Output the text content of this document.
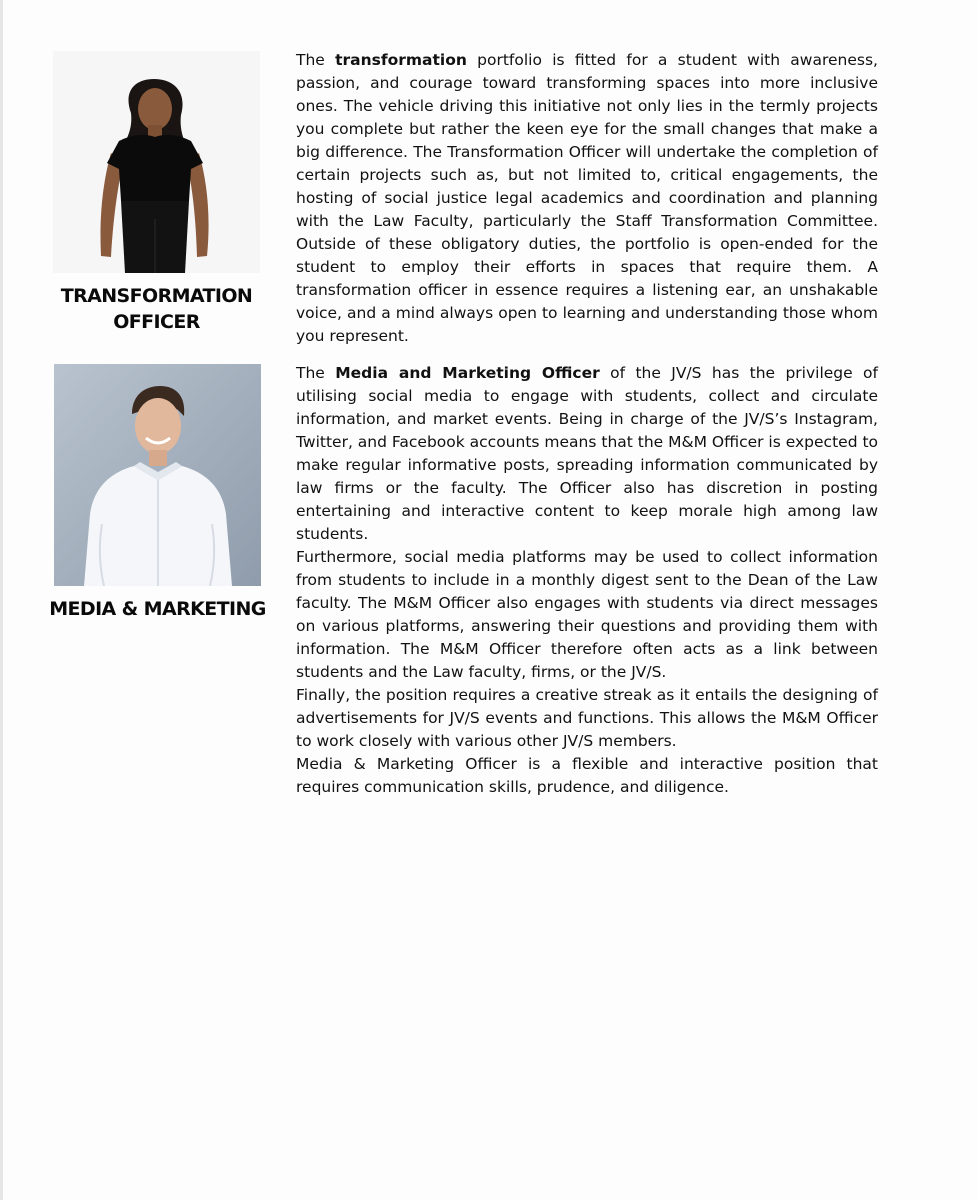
TRANSFORMATION
OFFICER

The transformation portfolio is fitted for a student with awareness, passion, and courage toward transforming spaces into more inclusive ones. The vehicle driving this initiative not only lies in the termly projects you complete but rather the keen eye for the small changes that make a big difference. The Transformation Officer will undertake the completion of certain projects such as, but not limited to, critical engagements, the hosting of social justice legal academics and coordination and planning with the Law Faculty, particularly the Staff Transformation Committee. Outside of these obligatory duties, the portfolio is open-ended for the student to employ their efforts in spaces that require them. A transformation officer in essence requires a listening ear, an unshakable voice, and a mind always open to learning and understanding those whom you represent.

MEDIA & MARKETING

The Media and Marketing Officer of the JV/S has the privilege of utilising social media to engage with students, collect and circulate information, and market events. Being in charge of the JV/S’s Instagram, Twitter, and Facebook accounts means that the M&M Officer is expected to make regular informative posts, spreading information communicated by law firms or the faculty. The Officer also has discretion in posting entertaining and interactive content to keep morale high among law students.

Furthermore, social media platforms may be used to collect information from students to include in a monthly digest sent to the Dean of the Law faculty. The M&M Officer also engages with students via direct messages on various platforms, answering their questions and providing them with information. The M&M Officer therefore often acts as a link between students and the Law faculty, firms, or the JV/S.

Finally, the position requires a creative streak as it entails the designing of advertisements for JV/S events and functions. This allows the M&M Officer to work closely with various other JV/S members.

Media & Marketing Officer is a flexible and interactive position that requires communication skills, prudence, and diligence.
